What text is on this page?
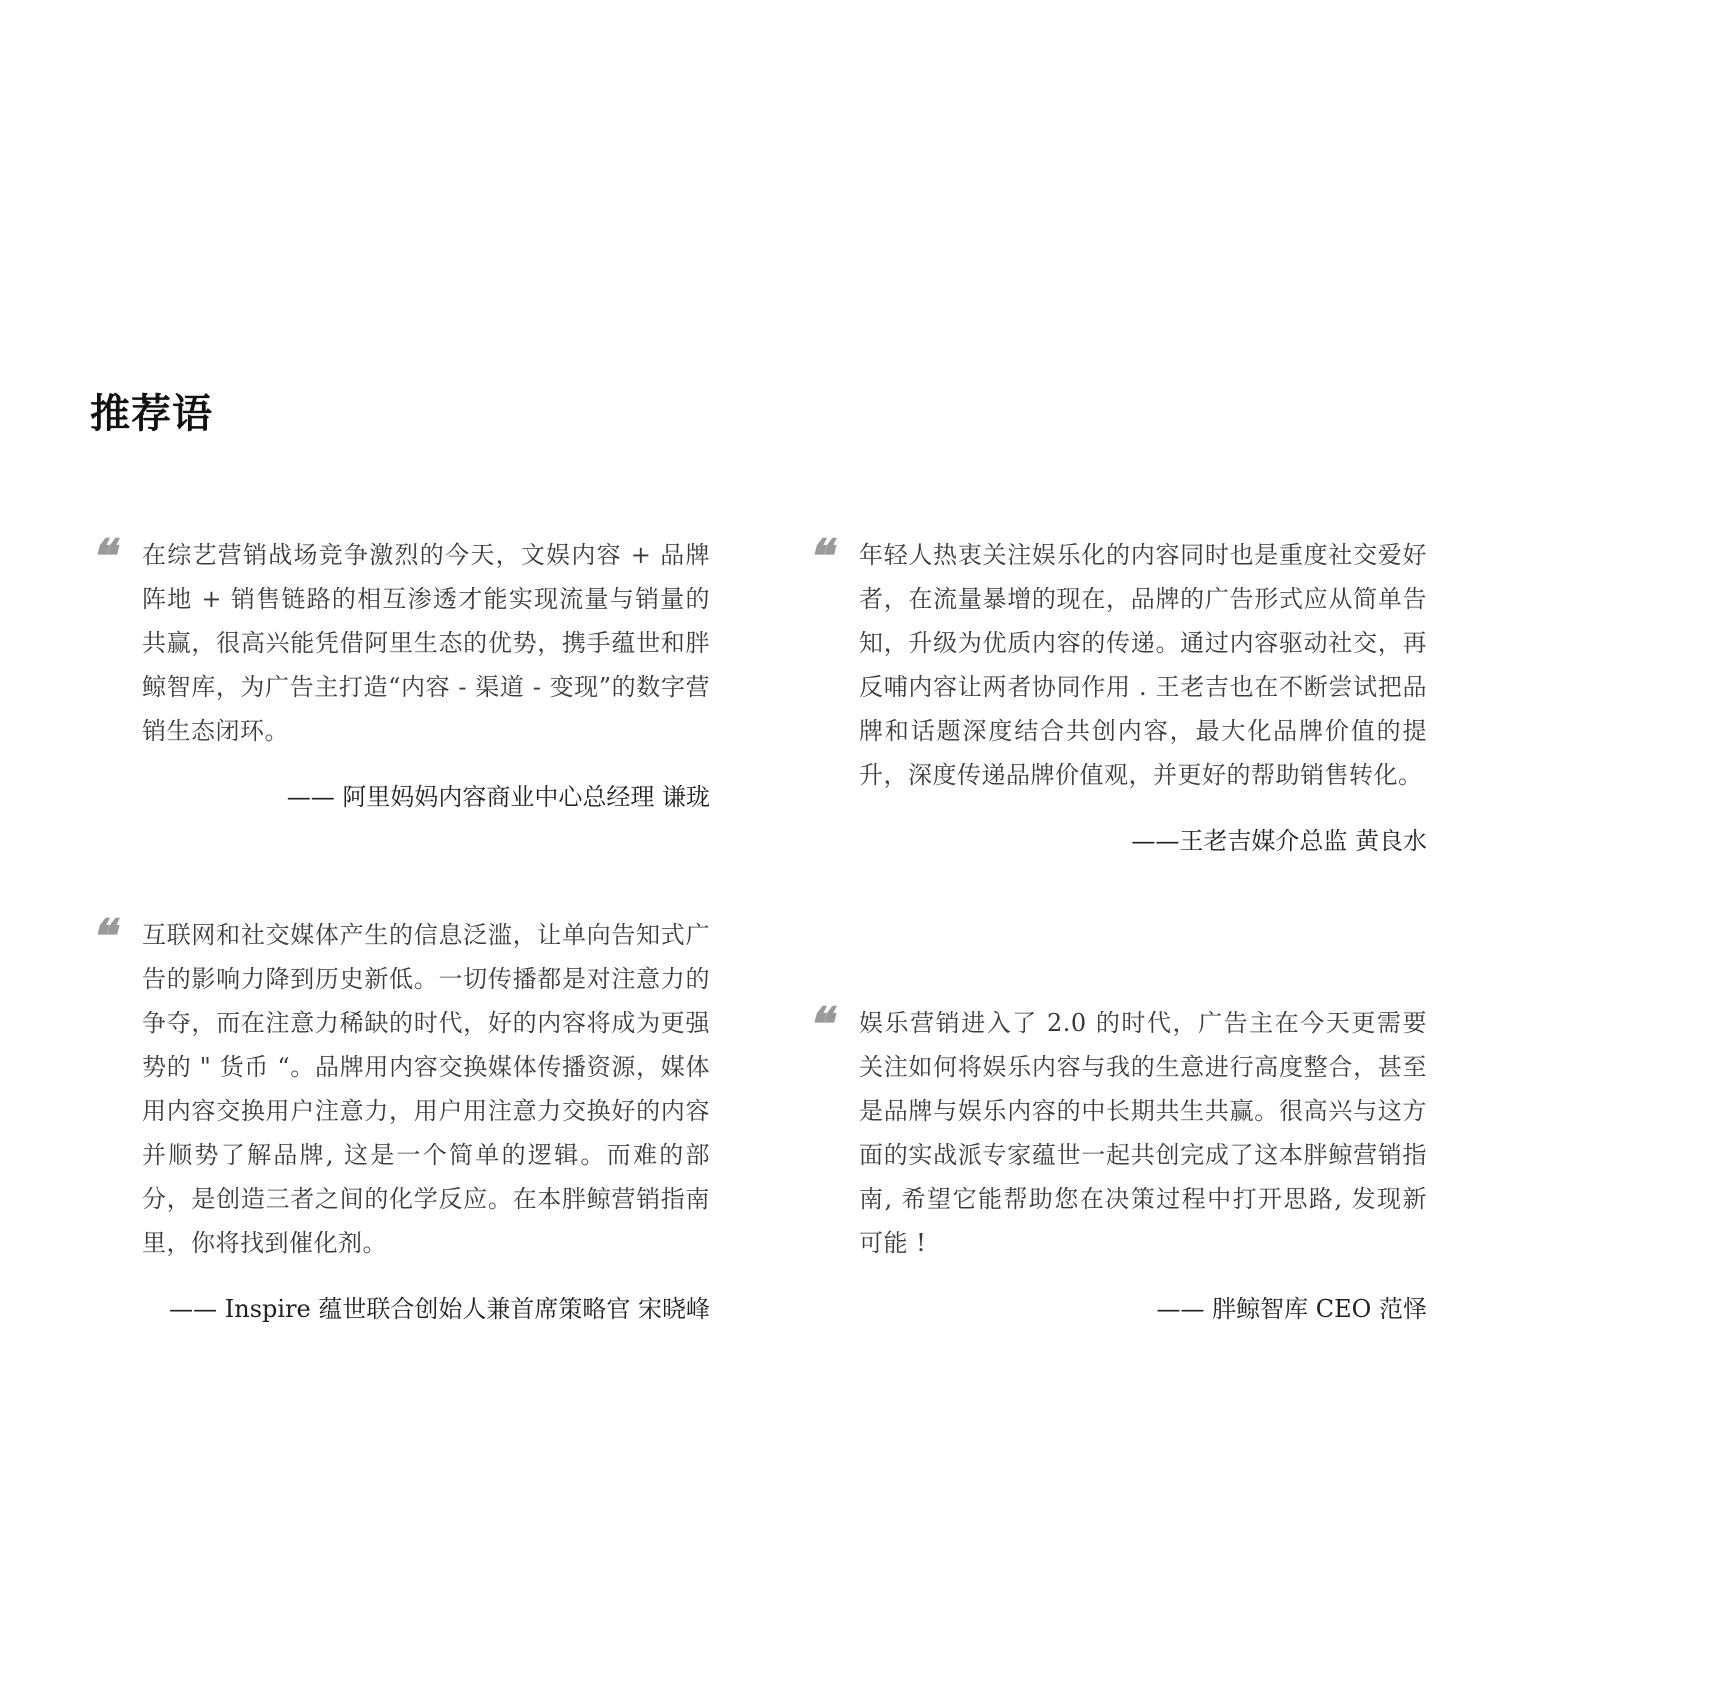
推荐语
❝ 在综艺营销战场竞争激烈的今天，文娱内容 + 品牌阵地 + 销售链路的相互渗透才能实现流量与销量的共赢，很高兴能凭借阿里生态的优势，携手蕴世和胖鲸智库，为广告主打造“内容 - 渠道 - 变现”的数字营销生态闭环。

—— 阿里妈妈内容商业中心总经理 谦珑
❝ 年轻人热衷关注娱乐化的内容同时也是重度社交爱好者，在流量暴增的现在，品牌的广告形式应从简单告知，升级为优质内容的传递。通过内容驱动社交，再反哺内容让两者协同作用 . 王老吉也在不断尝试把品牌和话题深度结合共创内容，最大化品牌价值的提升，深度传递品牌价值观，并更好的帮助销售转化。

——王老吉媒介总监 黄良水
❝ 互联网和社交媒体产生的信息泛滥，让单向告知式广告的影响力降到历史新低。一切传播都是对注意力的争夺，而在注意力稀缺的时代，好的内容将成为更强势的 " 货币 “。品牌用内容交换媒体传播资源，媒体用内容交换用户注意力，用户用注意力交换好的内容并顺势了解品牌, 这是一个简单的逻辑。而难的部分，是创造三者之间的化学反应。在本胖鲸营销指南里，你将找到催化剂。

—— Inspire 蕴世联合创始人兼首席策略官 宋晓峰
❝ 娱乐营销进入了 2.0 的时代，广告主在今天更需要关注如何将娱乐内容与我的生意进行高度整合，甚至是品牌与娱乐内容的中长期共生共赢。很高兴与这方面的实战派专家蕴世一起共创完成了这本胖鲸营销指南, 希望它能帮助您在决策过程中打开思路, 发现新可能 !

—— 胖鲸智库 CEO 范怿
